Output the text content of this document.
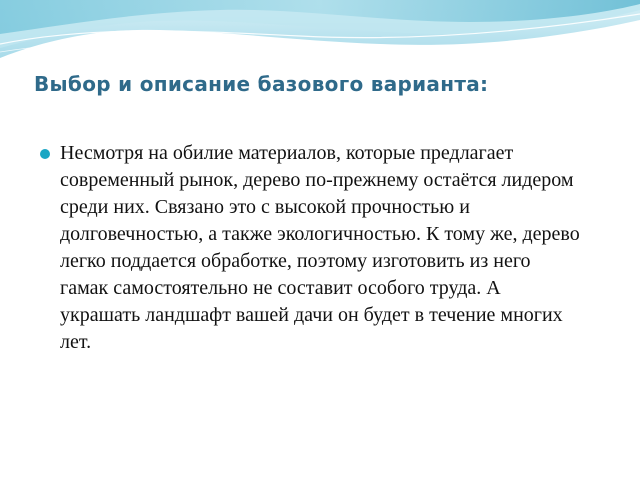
Выбор и описание базового варианта:

Несмотря на обилие материалов, которые предлагает современный рынок, дерево по-прежнему остаётся лидером среди них. Связано это с высокой прочностью и долговечностью, а также экологичностью. К тому же, дерево легко поддается обработке, поэтому изготовить из него гамак самостоятельно не составит особого труда. А украшать ландшафт вашей дачи он будет в течение многих лет.
